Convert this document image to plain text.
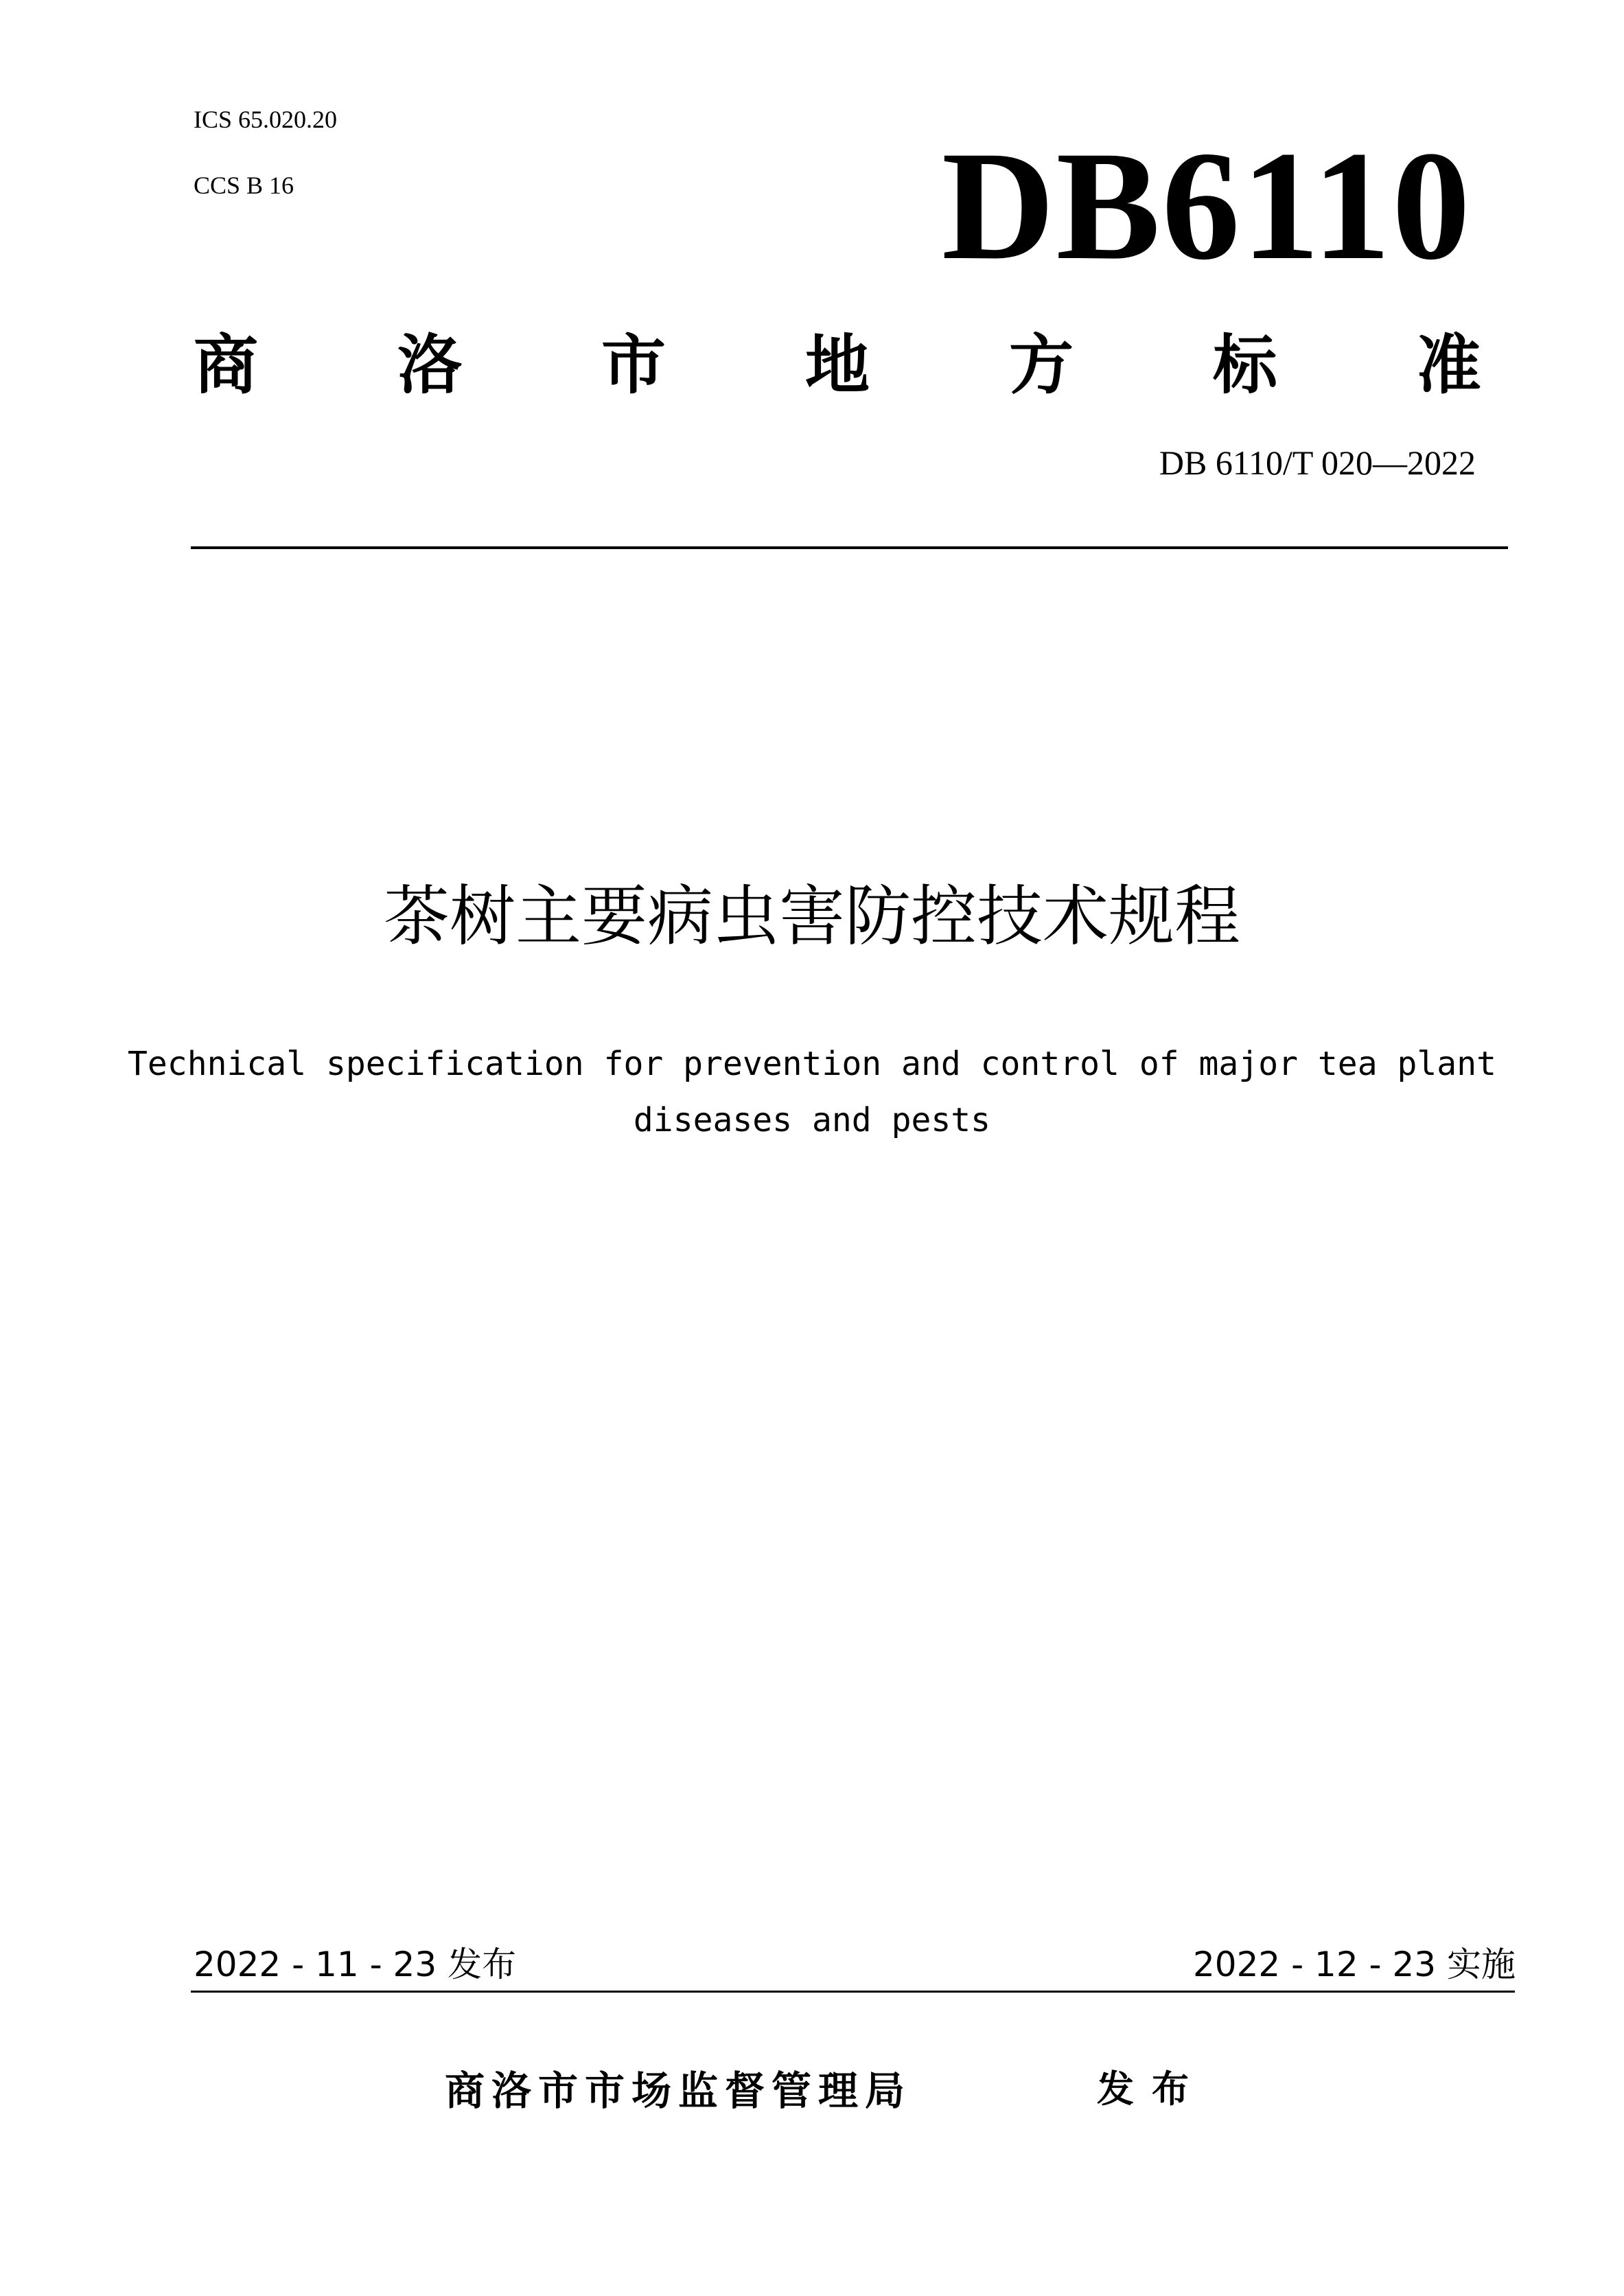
ICS 65.020.20
CCS B 16	DB6110
商 洛 市 地 方 标 准
DB 6110/T 020—2022
茶树主要病虫害防控技术规程
Technical specification for prevention and control of major tea plant
diseases and pests
2022 - 11 - 23 发布	2022 - 12 - 23 实施
商洛市市场监督管理局	发布
